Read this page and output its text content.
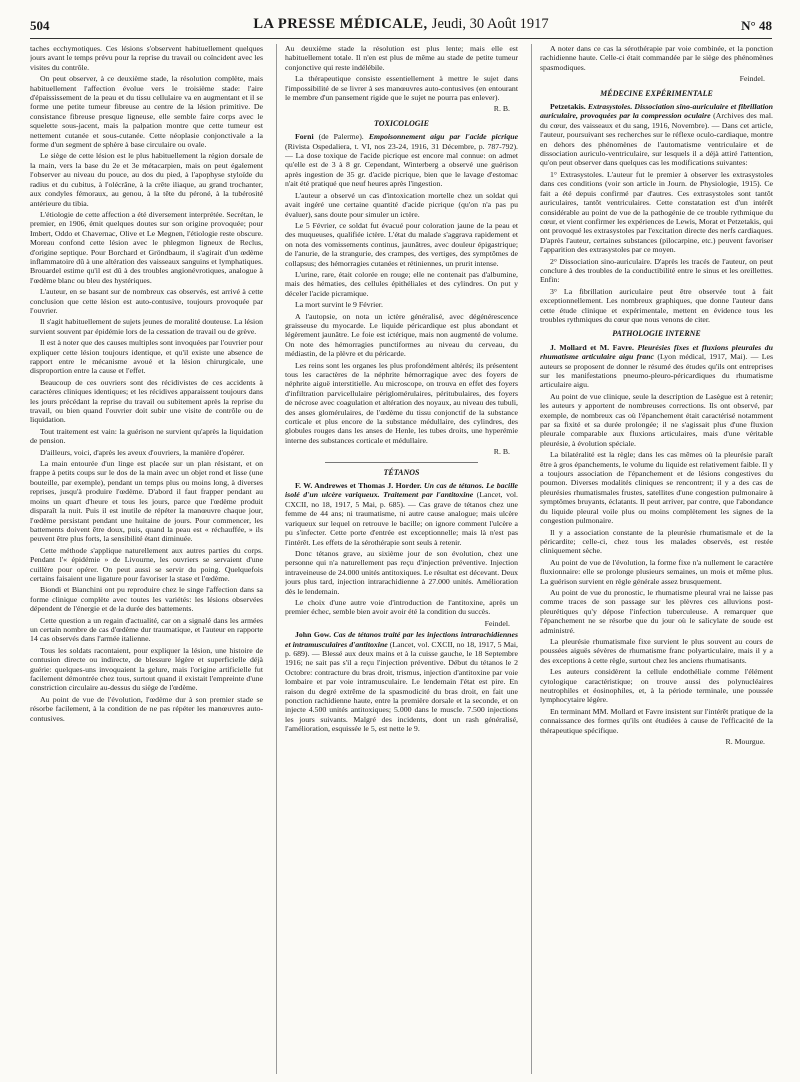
504	LA PRESSE MÉDICALE, Jeudi, 30 Août 1917	N° 48

taches ecchymotiques. Ces lésions s'observent habituellement quelques jours avant le temps prévu pour la reprise du travail ou coïncident avec les visites du contrôle.

On peut observer, à ce deuxième stade, la résolution complète, mais habituellement l'affection évolue vers le troisième stade: l'aire d'épaississement de la peau et du tissu cellulaire va en augmentant et il se forme une petite tumeur fibreuse au centre de la lésion primitive. De consistance fibreuse presque ligneuse, elle semble faire corps avec le squelette sous-jacent, mais la palpation montre que cette tumeur est nettement cutanée et sous-cutanée. Cette néoplasie conjonctivale a la forme d'un segment de sphère à base circulaire ou ovale.

Le siège de cette lésion est le plus habituellement la région dorsale de la main, vers la base du 2e et 3e métacarpien, mais on peut également l'observer au niveau du pouce, au dos du pied, à l'apophyse styloïde du radius et du cubitus, à l'olécrâne, à la crête iliaque, au grand trochanter, aux condyles fémoraux, au genou, à la tête du péroné, à la tubérosité antérieure du tibia.

L'étiologie de cette affection a été diversement interprétée. Secrétan, le premier, en 1906, émit quelques doutes sur son origine provoquée; pour Imbert, Oddo et Chavernac, Olive et Le Megnen, l'étiologie reste obscure. Moreau confond cette lésion avec le phlegmon ligneux de Reclus, d'origine septique. Pour Borchard et Gröndbaum, il s'agirait d'un œdème inflammatoire dû à une altération des vaisseaux sanguins et lymphatiques. Brouardel estime qu'il est dû à des troubles angionévrotiques, analogue à l'œdème blanc ou bleu des hystériques.

L'auteur, en se basant sur de nombreux cas observés, est arrivé à cette conclusion que cette lésion est auto-contusive, toujours provoquée par l'ouvrier.

Il s'agit habituellement de sujets jeunes de moralité douteuse. La lésion survient souvent par épidémie lors de la cessation de travail ou de grève.

Il est à noter que des causes multiples sont invoquées par l'ouvrier pour expliquer cette lésion toujours identique, et qu'il existe une absence de rapport entre le mécanisme avoué et la lésion chirurgicale, une disproportion entre la cause et l'effet.

Beaucoup de ces ouvriers sont des récidivistes de ces accidents à caractères cliniques identiques; et les récidives apparaissent toujours dans les jours précédant la reprise du travail ou subitement après la reprise du travail, ou bien quand l'ouvrier doit subir une visite de contrôle ou de liquidation.

Tout traitement est vain: la guérison ne survient qu'après la liquidation de pension.

D'ailleurs, voici, d'après les aveux d'ouvriers, la manière d'opérer.

La main entourée d'un linge est placée sur un plan résistant, et on frappe à petits coups sur le dos de la main avec un objet rond et lisse (une bouteille, par exemple), pendant un temps plus ou moins long, à diverses reprises, jusqu'à produire l'œdème. D'abord il faut frapper pendant au moins un quart d'heure et tous les jours, parce que l'œdème produit disparaît la nuit. Puis il est inutile de répéter la manœuvre chaque jour, l'œdème persistant pendant une huitaine de jours. Pour commencer, les battements doivent être doux, puis, quand la peau est « réchauffée, » ils peuvent être plus forts, la sensibilité étant diminuée.

Cette méthode s'applique naturellement aux autres parties du corps. Pendant l'« épidémie » de Livourne, les ouvriers se servaient d'une cuillère pour opérer. On peut aussi se servir du poing. Quelquefois certains faisaient une ligature pour favoriser la stase et l'œdème.

Biondi et Bianchini ont pu reproduire chez le singe l'affection dans sa forme clinique complète avec toutes les variétés: les lésions observées dépendent de l'énergie et de la durée des battements.

Cette question a un regain d'actualité, car on a signalé dans les armées un certain nombre de cas d'œdème dur traumatique, et l'auteur en rapporte 14 cas observés dans l'armée italienne.

Tous les soldats racontaient, pour expliquer la lésion, une histoire de contusion directe ou indirecte, de blessure légère et superficielle déjà guérie: quelques-uns invoquaient la gelure, mais l'origine artificielle fut facilement démontrée chez tous, surtout quand il existait l'empreinte d'une constriction circulaire au-dessus du siège de l'œdème.

Au point de vue de l'évolution, l'œdème dur à son premier stade se résorbe facilement, à la condition de ne pas répéter les manœuvres auto-contusives.

Au deuxième stade la résolution est plus lente; mais elle est habituellement totale. Il n'en est plus de même au stade de petite tumeur conjonctive qui reste indélébile.

La thérapeutique consiste essentiellement à mettre le sujet dans l'impossibilité de se livrer à ses manœuvres auto-contusives (en entourant le membre d'un pansement rigide que le sujet ne pourra pas enlever).

R. B.

TOXICOLOGIE

Forni (de Palerme). Empoisonnement aigu par l'acide picrique (Rivista Ospedaliera, t. VI, nos 23-24, 1916, 31 Décembre, p. 787-792). — La dose toxique de l'acide picrique est encore mal connue: on admet qu'elle est de 3 à 8 gr. Cependant, Winterberg a observé une guérison après ingestion de 35 gr. d'acide picrique, bien que le lavage d'estomac n'ait été pratiqué que neuf heures après l'ingestion.

L'auteur a observé un cas d'intoxication mortelle chez un soldat qui avait ingéré une certaine quantité d'acide picrique (qu'on n'a pas pu évaluer), sans doute pour simuler un ictère.

Le 5 Février, ce soldat fut évacué pour coloration jaune de la peau et des muqueuses, qualifiée ictère. L'état du malade s'aggrava rapidement et on nota des vomissements continus, jaunâtres, avec douleur épigastrique; de l'anurie, de la strangurie, des crampes, des vertiges, des symptômes de collapsus; des hémorragies cutanées et rétiniennes, un prurit intense.

L'urine, rare, était colorée en rouge; elle ne contenait pas d'albumine, mais des hématies, des cellules épithéliales et des cylindres. On put y déceler l'acide picramique.

La mort survint le 9 Février.

A l'autopsie, on nota un ictère généralisé, avec dégénérescence graisseuse du myocarde. Le liquide péricardique est plus abondant et légèrement jaunâtre. Le foie est ictérique, mais non augmenté de volume. On note des hémorragies punctiformes au niveau du cerveau, du médiastin, de la plèvre et du péricarde.

Les reins sont les organes les plus profondément altérés; ils présentent tous les caractères de la néphrite hémorragique avec des foyers de néphrite aiguë interstitielle. Au microscope, on trouva en effet des foyers d'infiltration parvicellulaire périglomérulaires, péritubulaires, des foyers de nécrose avec coagulation et altération des noyaux, au niveau des tubuli, des anses glomérulaires, de l'œdème du tissu conjonctif de la substance corticale et plus encore de la substance médullaire, des cylindres, des globules rouges dans les anses de Henle, les tubes droits, une hyperémie interne des substances corticale et médullaire.

R. B.

TÉTANOS

F. W. Andrewes et Thomas J. Horder. Un cas de tétanos. Le bacille isolé d'un ulcère variqueux. Traitement par l'antitoxine (Lancet, vol. CXCII, no 18, 1917, 5 Mai, p. 685). — Cas grave de tétanos chez une femme de 44 ans; ni traumatisme, ni autre cause analogue; mais ulcère variqueux sur lequel on retrouve le bacille; on ignore comment l'ulcère a pu s'infecter. Cette porte d'entrée est exceptionnelle; mais là n'est pas l'intérêt. Les effets de la sérothérapie sont seuls à retenir.

Donc tétanos grave, au sixième jour de son évolution, chez une personne qui n'a naturellement pas reçu d'injection préventive. Injection intraveineuse de 24.000 unités antitoxiques. Le résultat est décevant. Deux jours plus tard, injection intrarachidienne à 27.000 unités. Amélioration dès le lendemain.

Le choix d'une autre voie d'introduction de l'antitoxine, après un premier échec, semble bien avoir avoir été la condition du succès.

Feindel.

John Gow. Cas de tétanos traité par les injections intrarachidiennes et intramusculaires d'antitoxine (Lancet, vol. CXCII, no 18, 1917, 5 Mai, p. 689). — Blessé aux deux mains et à la cuisse gauche, le 18 Septembre 1916; ne sait pas s'il a reçu l'injection préventive. Début du tétanos le 2 Octobre: contracture du bras droit, trismus, injection d'antitoxine par voie lombaire et par voie intramusculaire. Le lendemain l'état est pire. En raison du degré extrême de la spasmodicité du bras droit, en fait une ponction rachidienne haute, entre la première dorsale et la seconde, et on injecte 4.500 unités antitoxiques; 5.000 dans le muscle. 7.500 injections les jours suivants. Malgré des incidents, dont un rash généralisé, l'amélioration, esquissée le 5, est nette le 9.

A noter dans ce cas la sérothérapie par voie combinée, et la ponction rachidienne haute. Celle-ci était commandée par le siège des phénomènes spasmodiques.

Feindel.

MÉDECINE EXPÉRIMENTALE

Petzetakis. Extrasystoles. Dissociation sino-auriculaire et fibrillation auriculaire, provoquées par la compression oculaire (Archives des mal. du cœur, des vaisseaux et du sang, 1916, Novembre). — Dans cet article, l'auteur, poursuivant ses recherches sur le réflexe oculo-cardiaque, montre en dehors des phénomènes de l'automatisme ventriculaire et de dissociation auriculo-ventriculaire, sur lesquels il a déjà attiré l'attention, qu'on peut observer dans quelques cas les modifications suivantes:

1° Extrasystoles. L'auteur fut le premier à observer les extrasystoles dans ces conditions (voir son article in Journ. de Physiologie, 1915). Ce fait a été depuis confirmé par d'autres. Ces extrasystoles sont tantôt auriculaires, tantôt ventriculaires. Cette constatation est d'un intérêt considérable au point de vue de la pathogénie de ce trouble rythmique du cœur, et vient confirmer les expériences de Lewis, Morat et Petzetakis, qui ont provoqué les extrasystoles par l'excitation directe des nerfs cardiaques. D'après l'auteur, certaines substances (pilocarpine, etc.) peuvent favoriser l'apparition des extrasystoles par ce moyen.

2° Dissociation sino-auriculaire. D'après les tracés de l'auteur, on peut conclure à des troubles de la conductibilité entre le sinus et les oreillettes. Enfin:

3° La fibrillation auriculaire peut être observée tout à fait exceptionnellement. Les nombreux graphiques, que donne l'auteur dans cette étude clinique et expérimentale, mettent en évidence tous les troubles rythmiques du cœur que nous venons de citer.

PATHOLOGIE INTERNE

J. Mollard et M. Favre. Pleurésies fixes et fluxions pleurales du rhumatisme articulaire aigu franc (Lyon médical, 1917, Mai). — Les auteurs se proposent de donner le résumé des études qu'ils ont entreprises sur les manifestations pneumo-pleuro-péricardiques du rhumatisme articulaire aigu.

Au point de vue clinique, seule la description de Lasègue est à retenir; les auteurs y apportent de nombreuses corrections. Ils ont observé, par exemple, de nombreux cas où l'épanchement était caractérisé notamment par sa fixité et sa durée prolongée; il ne s'agissait plus d'une fluxion pleurale comparable aux fluxions articulaires, mais d'une véritable pleurésie, à évolution spéciale.

La bilatéralité est la règle; dans les cas mêmes où la pleurésie paraît être à gros épanchements, le volume du liquide est relativement faible. Il y a toujours association de l'épanchement et de lésions congestives du poumon. Diverses modalités cliniques se rencontrent; il y a des cas de pleurésies rhumatismales frustes, satellites d'une congestion pulmonaire à symptômes bruyants, éclatants. Il peut arriver, par contre, que l'abondance du liquide pleural voile plus ou moins complètement les signes de la congestion pulmonaire.

Il y a association constante de la pleurésie rhumatismale et de la péricardite; celle-ci, chez tous les malades observés, est restée cliniquement sèche.

Au point de vue de l'évolution, la forme fixe n'a nullement le caractère fluxionnaire: elle se prolonge plusieurs semaines, un mois et même plus. La guérison survient en règle générale assez brusquement.

Au point de vue du pronostic, le rhumatisme pleural vrai ne laisse pas comme traces de son passage sur les plèvres ces alluvions post-pleurétiques qu'y dépose l'infection tuberculeuse. A remarquer que l'épanchement ne se résorbe que du jour où le salicylate de soude est administré.

La pleurésie rhumatismale fixe survient le plus souvent au cours de poussées aiguës sévères de rhumatisme franc polyarticulaire, mais il y a des exceptions à cette règle, surtout chez les anciens rhumatisants.

Les auteurs considèrent la cellule endothéliale comme l'élément cytologique caractéristique; on trouve aussi des polynucléaires neutrophiles et éosinophiles, et, à la période terminale, une poussée lymphocytaire légère.

En terminant MM. Mollard et Favre insistent sur l'intérêt pratique de la connaissance des formes qu'ils ont étudiées à cause de l'efficacité de la thérapeutique spécifique.

R. Mourgue.
